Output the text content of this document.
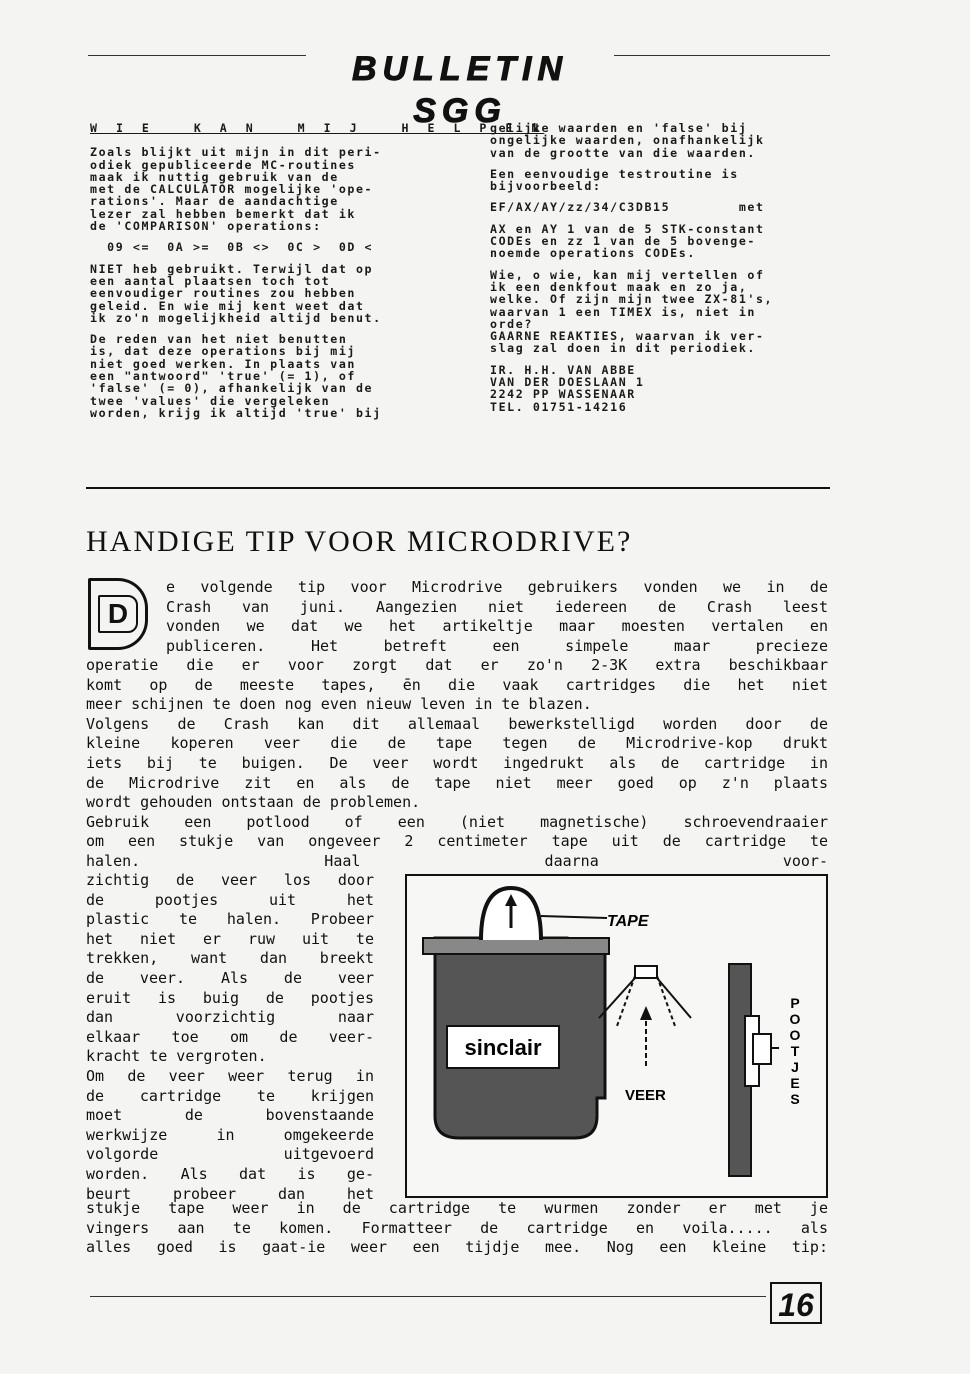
BULLETIN SGG

W I E   K A N   M I J   H E L P E N

Zoals blijkt uit mijn in dit peri-
odiek gepubliceerde MC-routines
maak ik nuttig gebruik van de
met de CALCULATOR mogelijke 'ope-
rations'. Maar de aandachtige
lezer zal hebben bemerkt dat ik
de 'COMPARISON' operations:

09 <=  0A >=  0B <>  0C >  0D <

NIET heb gebruikt. Terwijl dat op
een aantal plaatsen toch tot
eenvoudiger routines zou hebben
geleid. En wie mij kent weet dat
ik zo'n mogelijkheid altijd benut.

De reden van het niet benutten
is, dat deze operations bij mij
niet goed werken. In plaats van
een "antwoord" 'true' (= 1), of
'false' (= 0), afhankelijk van de
twee 'values' die vergeleken
worden, krijg ik altijd 'true' bij

gelijke waarden en 'false' bij
ongelijke waarden, onafhankelijk
van de grootte van die waarden.

Een eenvoudige testroutine is
bijvoorbeeld:

EF/AX/AY/zz/34/C3DB15        met

AX en AY 1 van de 5 STK-constant
CODEs en zz 1 van de 5 bovenge-
noemde operations CODEs.

Wie, o wie, kan mij vertellen of
ik een denkfout maak en zo ja,
welke. Of zijn mijn twee ZX-81's,
waarvan 1 een TIMEX is, niet in
orde?
GAARNE REAKTIES, waarvan ik ver-
slag zal doen in dit periodiek.

IR. H.H. VAN ABBE
VAN DER DOESLAAN 1
2242 PP WASSENAAR
TEL. 01751-14216

HANDIGE TIP VOOR MICRODRIVE?
D
e volgende tip voor Microdrive gebruikers vonden we in de
Crash van juni. Aangezien niet iedereen de Crash leest
vonden we dat we het artikeltje maar moesten vertalen en
publiceren. Het betreft een simpele maar precieze
operatie die er voor zorgt dat er zo'n 2-3K extra beschikbaar
komt op de meeste tapes, ēn die vaak cartridges die het niet
meer schijnen te doen nog even nieuw leven in te blazen.
Volgens de Crash kan dit allemaal bewerkstelligd worden door de
kleine koperen veer die de tape tegen de Microdrive-kop drukt
iets bij te buigen. De veer wordt ingedrukt als de cartridge in
de Microdrive zit en als de tape niet meer goed op z'n plaats
wordt gehouden ontstaan de problemen.
Gebruik een potlood of een (niet magnetische) schroevendraaier
om een stukje van ongeveer 2 centimeter tape uit de cartridge te
halen. Haal daarna voor-
zichtig de veer los door
de pootjes uit het
plastic te halen. Probeer
het niet er ruw uit te
trekken, want dan breekt
de veer. Als de veer
eruit is buig de pootjes
dan voorzichtig naar
elkaar toe om de veer-
kracht te vergroten.
Om de veer weer terug in
de cartridge te krijgen
moet de bovenstaande
werkwijze in omgekeerde
volgorde uitgevoerd
worden. Als dat is ge-
beurt probeer dan het
stukje tape weer in de cartridge te wurmen zonder er met je
vingers aan te komen. Formatteer de cartridge en voila..... als
alles goed is gaat-ie weer een tijdje mee. Nog een kleine tip:
TAPE
sinclair
VEER
P
O
O
T
J
E
S
16
